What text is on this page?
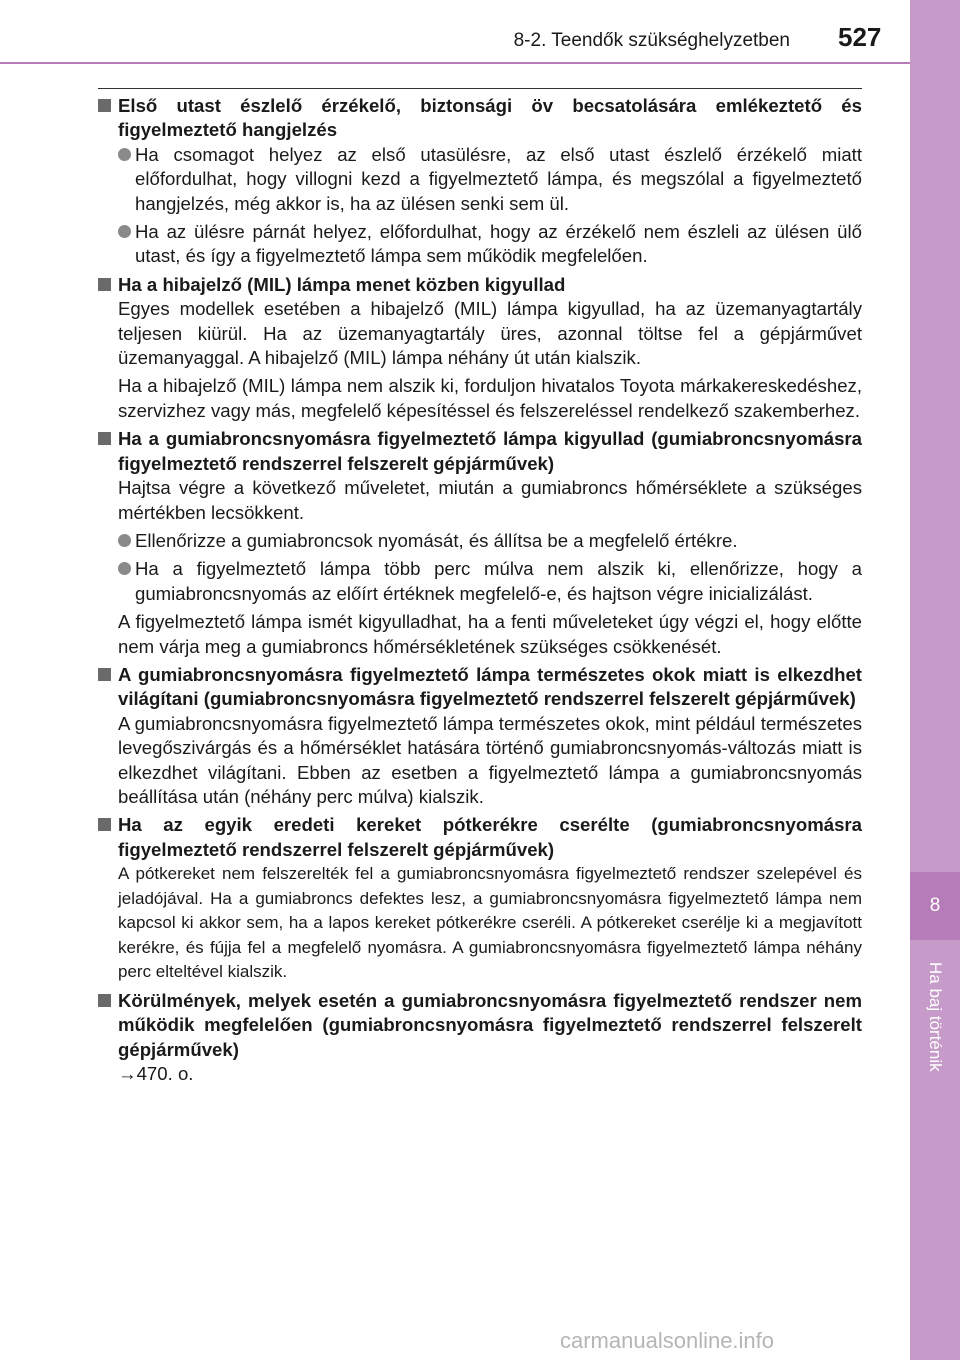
8
Ha baj történik
8-2. Teendők szükséghelyzetben 527
Első utast észlelő érzékelő, biztonsági öv becsatolására emlékeztető és figyelmeztető hangjelzés
Ha csomagot helyez az első utasülésre, az első utast észlelő érzékelő miatt előfordulhat, hogy villogni kezd a figyelmeztető lámpa, és megszólal a figyelmeztető hangjelzés, még akkor is, ha az ülésen senki sem ül.
Ha az ülésre párnát helyez, előfordulhat, hogy az érzékelő nem észleli az ülésen ülő utast, és így a figyelmeztető lámpa sem működik megfelelően.
Ha a hibajelző (MIL) lámpa menet közben kigyullad
Egyes modellek esetében a hibajelző (MIL) lámpa kigyullad, ha az üzemanyagtartály teljesen kiürül. Ha az üzemanyagtartály üres, azonnal töltse fel a gépjárművet üzemanyaggal. A hibajelző (MIL) lámpa néhány út után kialszik.
Ha a hibajelző (MIL) lámpa nem alszik ki, forduljon hivatalos Toyota márkakereskedéshez, szervizhez vagy más, megfelelő képesítéssel és felszereléssel rendelkező szakemberhez.
Ha a gumiabroncsnyomásra figyelmeztető lámpa kigyullad (gumiabroncsnyomásra figyelmeztető rendszerrel felszerelt gépjárművek)
Hajtsa végre a következő műveletet, miután a gumiabroncs hőmérséklete a szükséges mértékben lecsökkent.
Ellenőrizze a gumiabroncsok nyomását, és állítsa be a megfelelő értékre.
Ha a figyelmeztető lámpa több perc múlva nem alszik ki, ellenőrizze, hogy a gumiabroncsnyomás az előírt értéknek megfelelő-e, és hajtson végre inicializálást.
A figyelmeztető lámpa ismét kigyulladhat, ha a fenti műveleteket úgy végzi el, hogy előtte nem várja meg a gumiabroncs hőmérsékletének szükséges csökkenését.
A gumiabroncsnyomásra figyelmeztető lámpa természetes okok miatt is elkezdhet világítani (gumiabroncsnyomásra figyelmeztető rendszerrel felszerelt gépjárművek)
A gumiabroncsnyomásra figyelmeztető lámpa természetes okok, mint például természetes levegőszivárgás és a hőmérséklet hatására történő gumiabroncsnyomás-változás miatt is elkezdhet világítani. Ebben az esetben a figyelmeztető lámpa a gumiabroncsnyomás beállítása után (néhány perc múlva) kialszik.
Ha az egyik eredeti kereket pótkerékre cserélte (gumiabroncsnyomásra figyelmeztető rendszerrel felszerelt gépjárművek)
A pótkereket nem felszerelték fel a gumiabroncsnyomásra figyelmeztető rendszer szelepével és jeladójával. Ha a gumiabroncs defektes lesz, a gumiabroncsnyomásra figyelmeztető lámpa nem kapcsol ki akkor sem, ha a lapos kereket pótkerékre cseréli. A pótkereket cserélje ki a megjavított kerékre, és fújja fel a megfelelő nyomásra. A gumiabroncsnyomásra figyelmeztető lámpa néhány perc elteltével kialszik.
Körülmények, melyek esetén a gumiabroncsnyomásra figyelmeztető rendszer nem működik megfelelően (gumiabroncsnyomásra figyelmeztető rendszerrel felszerelt gépjárművek)
→470. o.
carmanualsonline.info
